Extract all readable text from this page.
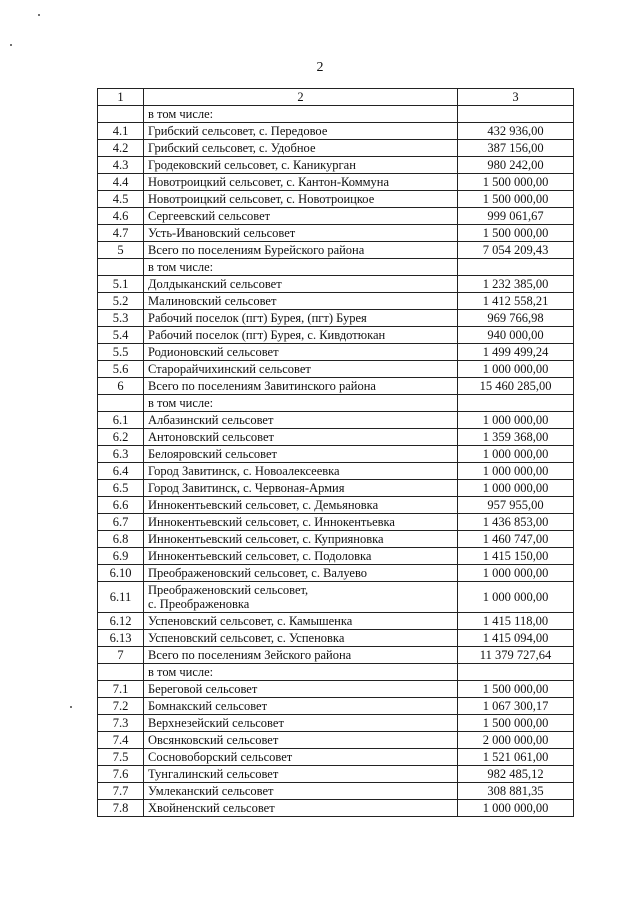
2
1	2	3
	в том числе:	
4.1	Грибский сельсовет, с. Передовое	432 936,00
4.2	Грибский сельсовет, с. Удобное	387 156,00
4.3	Гродековский сельсовет, с. Каникурган	980 242,00
4.4	Новотроицкий сельсовет, с. Кантон-Коммуна	1 500 000,00
4.5	Новотроицкий сельсовет, с. Новотроицкое	1 500 000,00
4.6	Сергеевский сельсовет	999 061,67
4.7	Усть-Ивановский сельсовет	1 500 000,00
5	Всего по поселениям Бурейского района	7 054 209,43
	в том числе:	
5.1	Долдыканский сельсовет	1 232 385,00
5.2	Малиновский сельсовет	1 412 558,21
5.3	Рабочий поселок (пгт) Бурея, (пгт) Бурея	969 766,98
5.4	Рабочий поселок (пгт) Бурея, с. Кивдотюкан	940 000,00
5.5	Родионовский сельсовет	1 499 499,24
5.6	Старорайчихинский сельсовет	1 000 000,00
6	Всего по поселениям Завитинского района	15 460 285,00
	в том числе:	
6.1	Албазинский сельсовет	1 000 000,00
6.2	Антоновский сельсовет	1 359 368,00
6.3	Белояровский сельсовет	1 000 000,00
6.4	Город Завитинск, с. Новоалексеевка	1 000 000,00
6.5	Город Завитинск, с. Червоная-Армия	1 000 000,00
6.6	Иннокентьевский сельсовет, с. Демьяновка	957 955,00
6.7	Иннокентьевский сельсовет, с. Иннокентьевка	1 436 853,00
6.8	Иннокентьевский сельсовет, с. Куприяновка	1 460 747,00
6.9	Иннокентьевский сельсовет, с. Подоловка	1 415 150,00
6.10	Преображеновский сельсовет, с. Валуево	1 000 000,00
6.11	Преображеновский сельсовет,
с. Преображеновка	1 000 000,00
6.12	Успеновский сельсовет, с. Камышенка	1 415 118,00
6.13	Успеновский сельсовет, с. Успеновка	1 415 094,00
7	Всего по поселениям Зейского района	11 379 727,64
	в том числе:	
7.1	Береговой сельсовет	1 500 000,00
7.2	Бомнакский сельсовет	1 067 300,17
7.3	Верхнезейский сельсовет	1 500 000,00
7.4	Овсянковский сельсовет	2 000 000,00
7.5	Сосновоборский сельсовет	1 521 061,00
7.6	Тунгалинский сельсовет	982 485,12
7.7	Умлеканский сельсовет	308 881,35
7.8	Хвойненский сельсовет	1 000 000,00
